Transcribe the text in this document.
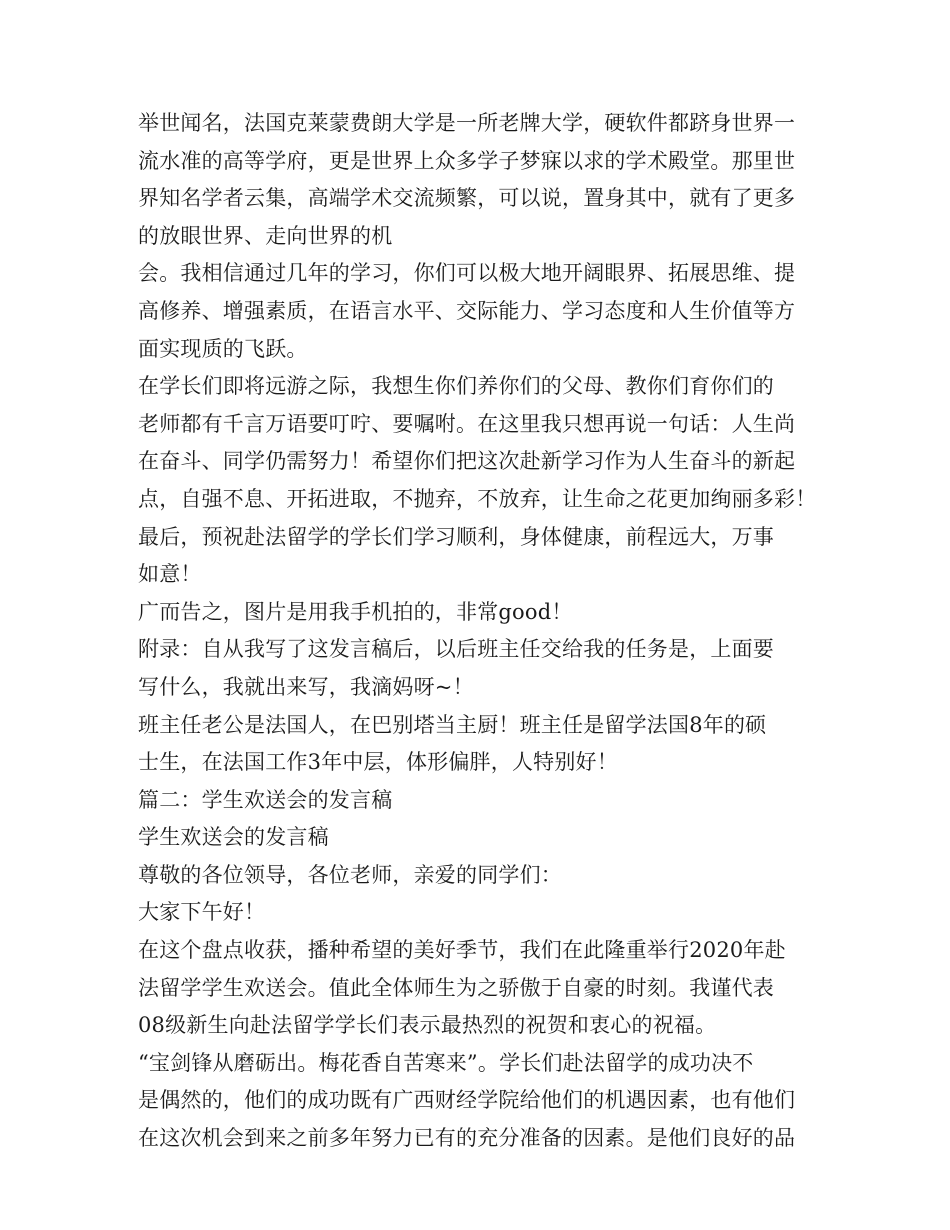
举世闻名，法国克莱蒙费朗大学是一所老牌大学，硬软件都跻身世界一
流水准的高等学府，更是世界上众多学子梦寐以求的学术殿堂。那里世
界知名学者云集，高端学术交流频繁，可以说，置身其中，就有了更多
的放眼世界、走向世界的机
会。我相信通过几年的学习，你们可以极大地开阔眼界、拓展思维、提
高修养、增强素质，在语言水平、交际能力、学习态度和人生价值等方
面实现质的飞跃。
在学长们即将远游之际，我想生你们养你们的父母、教你们育你们的
老师都有千言万语要叮咛、要嘱咐。在这里我只想再说一句话：人生尚
在奋斗、同学仍需努力！希望你们把这次赴新学习作为人生奋斗的新起
点，自强不息、开拓进取，不抛弃，不放弃，让生命之花更加绚丽多彩！
最后，预祝赴法留学的学长们学习顺利，身体健康，前程远大，万事
如意！
广而告之，图片是用我手机拍的，非常good！
附录：自从我写了这发言稿后，以后班主任交给我的任务是，上面要
写什么，我就出来写，我滴妈呀~！
班主任老公是法国人，在巴别塔当主厨！班主任是留学法国8年的硕
士生，在法国工作3年中层，体形偏胖，人特别好！
篇二：学生欢送会的发言稿
学生欢送会的发言稿
尊敬的各位领导，各位老师，亲爱的同学们：
大家下午好！
在这个盘点收获，播种希望的美好季节，我们在此隆重举行2020年赴
法留学学生欢送会。值此全体师生为之骄傲于自豪的时刻。我谨代表
08级新生向赴法留学学长们表示最热烈的祝贺和衷心的祝福。
“宝剑锋从磨砺出。梅花香自苦寒来”。学长们赴法留学的成功决不
是偶然的，他们的成功既有广西财经学院给他们的机遇因素，也有他们
在这次机会到来之前多年努力已有的充分准备的因素。是他们良好的品
